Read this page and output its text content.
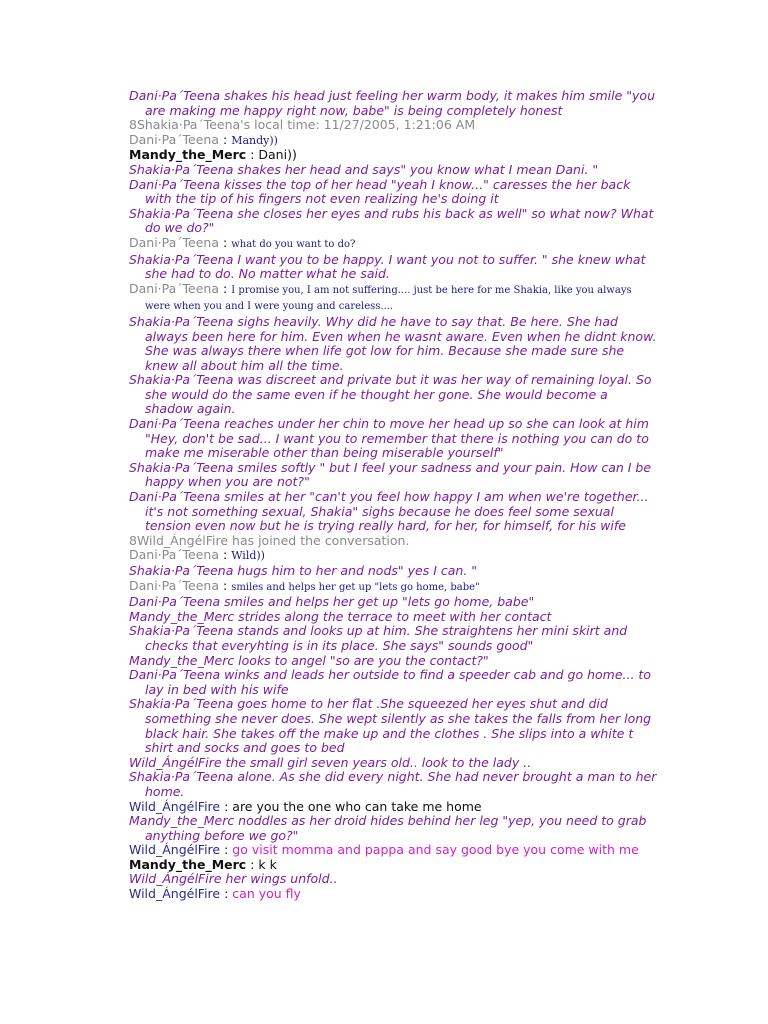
Dani·Pa´Teena shakes his head just feeling her warm body, it makes him smile "you are making me happy right now, babe" is being completely honest
8Shakia·Pa´Teena's local time: 11/27/2005, 1:21:06 AM
Dani·Pa´Teena : Mandy))
Mandy_the_Merc : Dani))
Shakia·Pa´Teena shakes her head and says" you know what I mean Dani. "
Dani·Pa´Teena kisses the top of her head "yeah I know..." caresses the her back with the tip of his fingers not even realizing he's doing it
Shakia·Pa´Teena she closes her eyes and rubs his back as well" so what now? What do we do?"
Dani·Pa´Teena : what do you want to do?
Shakia·Pa´Teena I want you to be happy. I want you not to suffer. " she knew what she had to do. No matter what he said.
Dani·Pa´Teena : I promise you, I am not suffering.... just be here for me Shakia, like you always were when you and I were young and careless....
Shakia·Pa´Teena sighs heavily. Why did he have to say that. Be here. She had always been here for him. Even when he wasnt aware. Even when he didnt know. She was always there when life got low for him. Because she made sure she knew all about him all the time.
Shakia·Pa´Teena was discreet and private but it was her way of remaining loyal. So she would do the same even if he thought her gone. She would become a shadow again.
Dani·Pa´Teena reaches under her chin to move her head up so she can look at him "Hey, don't be sad... I want you to remember that there is nothing you can do to make me miserable other than being miserable yourself"
Shakia·Pa´Teena smiles softly " but I feel your sadness and your pain. How can I be happy when you are not?"
Dani·Pa´Teena smiles at her "can't you feel how happy I am when we're together... it's not something sexual, Shakia" sighs because he does feel some sexual tension even now but he is trying really hard, for her, for himself, for his wife
8Wild_ÁngélFire has joined the conversation.
Dani·Pa´Teena : Wild))
Shakia·Pa´Teena hugs him to her and nods" yes I can. "
Dani·Pa´Teena : smiles and helps her get up "lets go home, babe"
Dani·Pa´Teena smiles and helps her get up "lets go home, babe"
Mandy_the_Merc strides along the terrace to meet with her contact
Shakia·Pa´Teena stands and looks up at him. She straightens her mini skirt and checks that everyhting is in its place. She says" sounds good"
Mandy_the_Merc looks to angel "so are you the contact?"
Dani·Pa´Teena winks and leads her outside to find a speeder cab and go home... to lay in bed with his wife
Shakia·Pa´Teena goes home to her flat .She squeezed her eyes shut and did something she never does. She wept silently as she takes the falls from her long black hair. She takes off the make up and the clothes . She slips into a white t shirt and socks and goes to bed
Wild_ÁngélFire the small girl seven years old.. look to the lady ..
Shakia·Pa´Teena alone. As she did every night. She had never brought a man to her home.
Wild_ÁngélFire : are you the one who can take me home
Mandy_the_Merc noddles as her droid hides behind her leg "yep, you need to grab anything before we go?"
Wild_ÁngélFire : go visit momma and pappa and say good bye you come with me
Mandy_the_Merc : k k
Wild_ÁngélFire her wings unfold..
Wild_ÁngélFire : can you fly
